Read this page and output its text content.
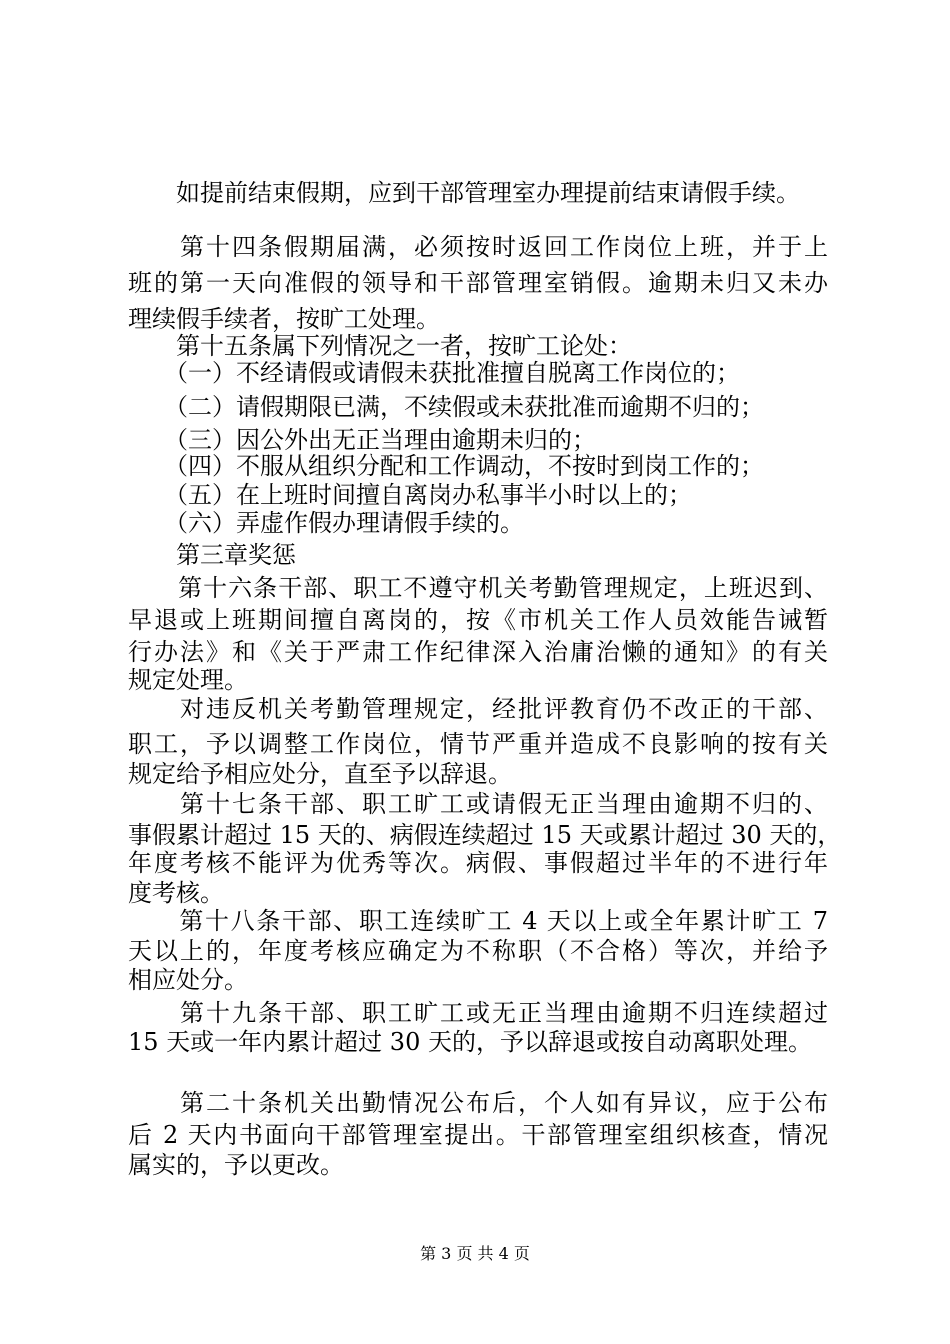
　　如提前结束假期，应到干部管理室办理提前结束请假手续。
　　第十四条假期届满，必须按时返回工作岗位上班，并于上
班的第一天向准假的领导和干部管理室销假。逾期未归又未办
理续假手续者，按旷工处理。
　　第十五条属下列情况之一者，按旷工论处：
　　（一）不经请假或请假未获批准擅自脱离工作岗位的；
　　（二）请假期限已满，不续假或未获批准而逾期不归的；
　　（三）因公外出无正当理由逾期未归的；
　　（四）不服从组织分配和工作调动，不按时到岗工作的；
　　（五）在上班时间擅自离岗办私事半小时以上的；
　　（六）弄虚作假办理请假手续的。
　　第三章奖惩
　　第十六条干部、职工不遵守机关考勤管理规定，上班迟到、
早退或上班期间擅自离岗的，按《市机关工作人员效能告诫暂
行办法》和《关于严肃工作纪律深入治庸治懒的通知》的有关
规定处理。
　　对违反机关考勤管理规定，经批评教育仍不改正的干部、
职工，予以调整工作岗位，情节严重并造成不良影响的按有关
规定给予相应处分，直至予以辞退。
　　第十七条干部、职工旷工或请假无正当理由逾期不归的、
事假累计超过 15 天的、病假连续超过 15 天或累计超过 30 天的，
年度考核不能评为优秀等次。病假、事假超过半年的不进行年
度考核。
　　第十八条干部、职工连续旷工 4 天以上或全年累计旷工 7
天以上的，年度考核应确定为不称职（不合格）等次，并给予
相应处分。
　　第十九条干部、职工旷工或无正当理由逾期不归连续超过
15 天或一年内累计超过 30 天的，予以辞退或按自动离职处理。
　　第二十条机关出勤情况公布后，个人如有异议，应于公布
后 2 天内书面向干部管理室提出。干部管理室组织核查，情况
属实的，予以更改。
第 3 页 共 4 页
